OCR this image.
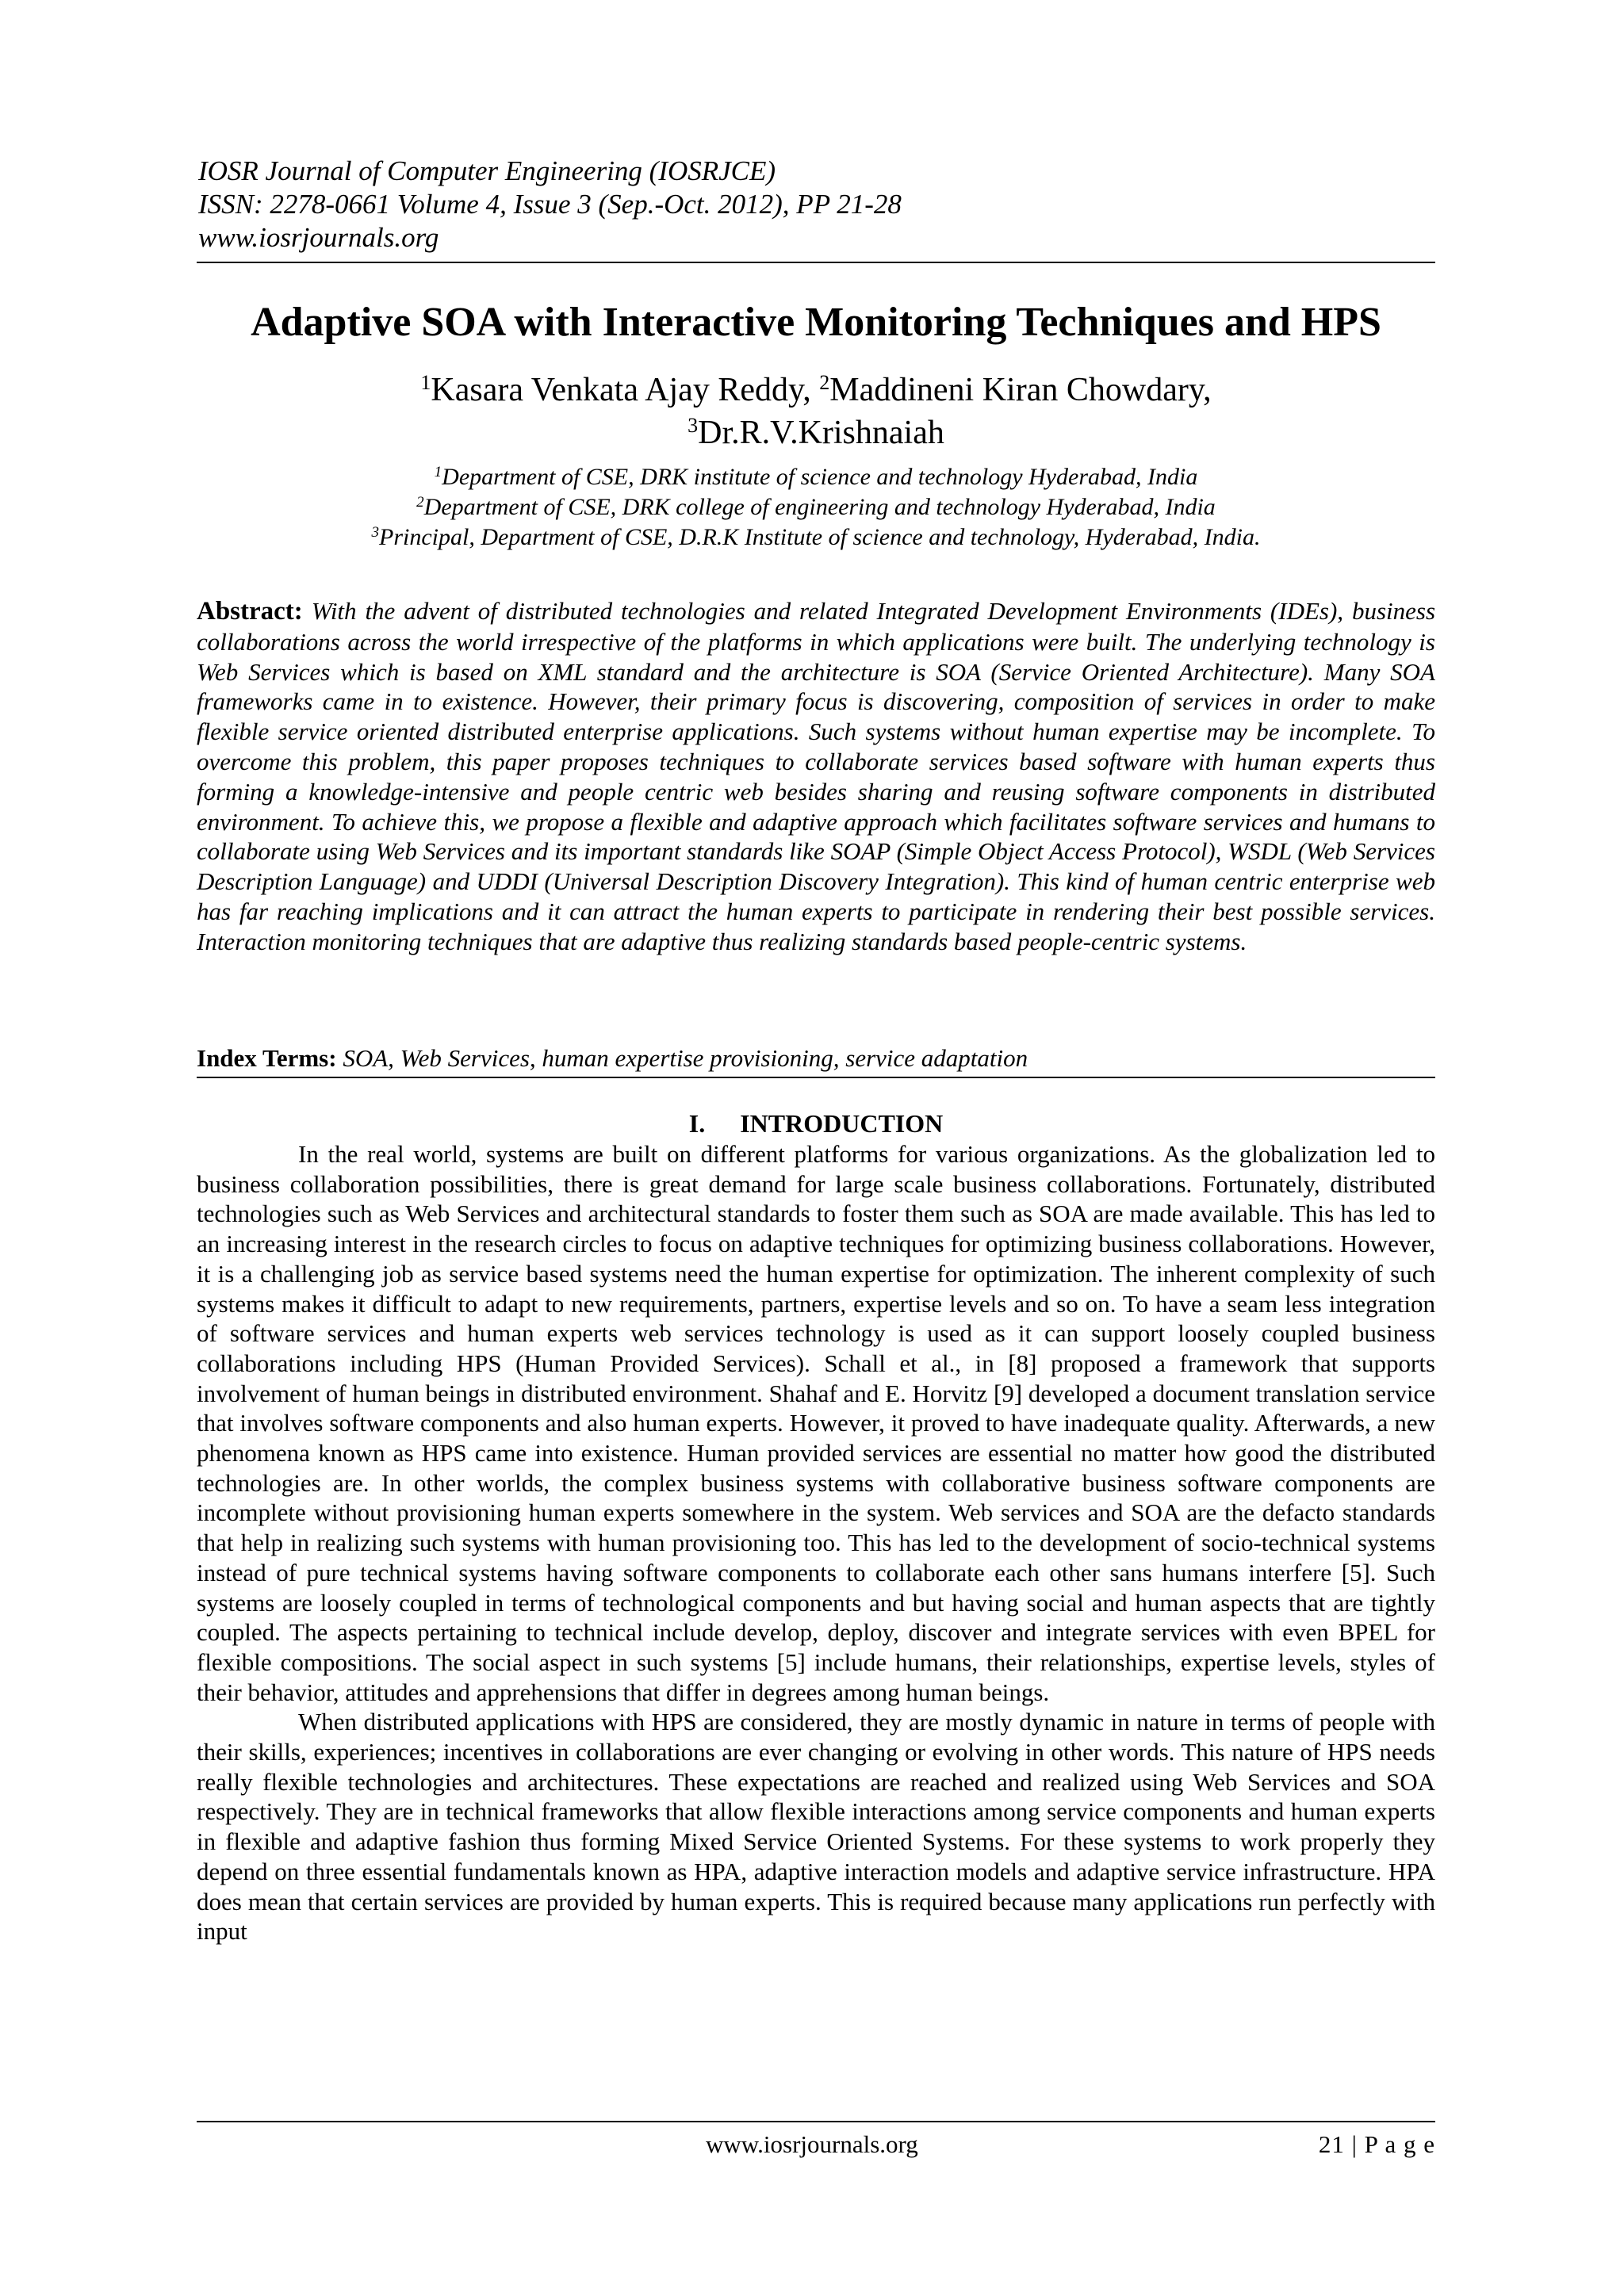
IOSR Journal of Computer Engineering (IOSRJCE)
ISSN: 2278-0661 Volume 4, Issue 3 (Sep.-Oct. 2012), PP 21-28
www.iosrjournals.org
Adaptive SOA with Interactive Monitoring Techniques and HPS
$^1$Kasara Venkata Ajay Reddy, $^2$Maddineni Kiran Chowdary,
$^3$Dr.R.V.Krishnaiah
$^1$Department of CSE, DRK institute of science and technology Hyderabad, India
$^2$Department of CSE, DRK college of engineering and technology Hyderabad, India
$^3$Principal, Department of CSE, D.R.K Institute of science and technology, Hyderabad, India.
Abstract: With the advent of distributed technologies and related Integrated Development Environments (IDEs), business collaborations across the world irrespective of the platforms in which applications were built. The underlying technology is Web Services which is based on XML standard and the architecture is SOA (Service Oriented Architecture). Many SOA frameworks came in to existence. However, their primary focus is discovering, composition of services in order to make flexible service oriented distributed enterprise applications. Such systems without human expertise may be incomplete. To overcome this problem, this paper proposes techniques to collaborate services based software with human experts thus forming a knowledge-intensive and people centric web besides sharing and reusing software components in distributed environment. To achieve this, we propose a flexible and adaptive approach which facilitates software services and humans to collaborate using Web Services and its important standards like SOAP (Simple Object Access Protocol), WSDL (Web Services Description Language) and UDDI (Universal Description Discovery Integration). This kind of human centric enterprise web has far reaching implications and it can attract the human experts to participate in rendering their best possible services. Interaction monitoring techniques that are adaptive thus realizing standards based people-centric systems.
Index Terms: SOA, Web Services, human expertise provisioning, service adaptation
I. INTRODUCTION

In the real world, systems are built on different platforms for various organizations. As the globalization led to business collaboration possibilities, there is great demand for large scale business collaborations. Fortunately, distributed technologies such as Web Services and architectural standards to foster them such as SOA are made available. This has led to an increasing interest in the research circles to focus on adaptive techniques for optimizing business collaborations. However, it is a challenging job as service based systems need the human expertise for optimization. The inherent complexity of such systems makes it difficult to adapt to new requirements, partners, expertise levels and so on. To have a seam less integration of software services and human experts web services technology is used as it can support loosely coupled business collaborations including HPS (Human Provided Services). Schall et al., in [8] proposed a framework that supports involvement of human beings in distributed environment. Shahaf and E. Horvitz [9] developed a document translation service that involves software components and also human experts. However, it proved to have inadequate quality. Afterwards, a new phenomena known as HPS came into existence. Human provided services are essential no matter how good the distributed technologies are. In other worlds, the complex business systems with collaborative business software components are incomplete without provisioning human experts somewhere in the system. Web services and SOA are the defacto standards that help in realizing such systems with human provisioning too. This has led to the development of socio-technical systems instead of pure technical systems having software components to collaborate each other sans humans interfere [5]. Such systems are loosely coupled in terms of technological components and but having social and human aspects that are tightly coupled. The aspects pertaining to technical include develop, deploy, discover and integrate services with even BPEL for flexible compositions. The social aspect in such systems [5] include humans, their relationships, expertise levels, styles of their behavior, attitudes and apprehensions that differ in degrees among human beings.

When distributed applications with HPS are considered, they are mostly dynamic in nature in terms of people with their skills, experiences; incentives in collaborations are ever changing or evolving in other words. This nature of HPS needs really flexible technologies and architectures. These expectations are reached and realized using Web Services and SOA respectively. They are in technical frameworks that allow flexible interactions among service components and human experts in flexible and adaptive fashion thus forming Mixed Service Oriented Systems. For these systems to work properly they depend on three essential fundamentals known as HPA, adaptive interaction models and adaptive service infrastructure. HPA does mean that certain services are provided by human experts. This is required because many applications run perfectly with input

www.iosrjournals.org	21 | P a g e
